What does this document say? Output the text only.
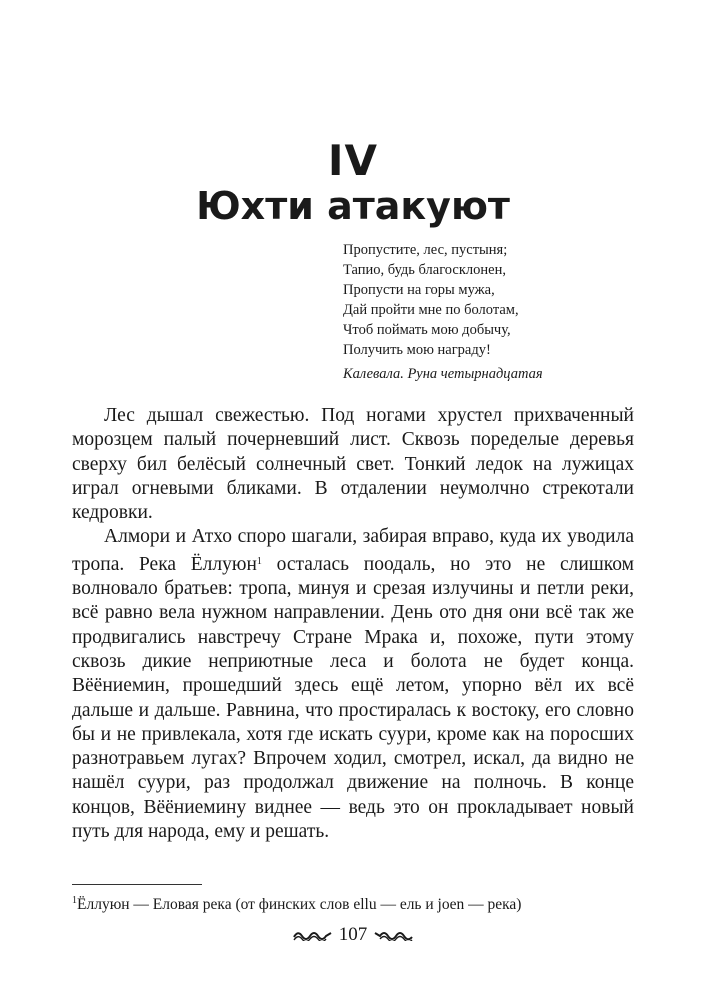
IV
Юхти атакуют
Пропустите, лес, пустыня;
Тапио, будь благосклонен,
Пропусти на горы мужа,
Дай пройти мне по болотам,
Чтоб поймать мою добычу,
Получить мою награду!
Калевала. Руна четырнадцатая

Лес дышал свежестью. Под ногами хрустел прихваченный морозцем палый почерневший лист. Сквозь поределые деревья сверху бил белёсый солнечный свет. Тонкий ледок на лужицах играл огневыми бликами. В отдалении неумолчно стрекотали кедровки.

Алмори и Атхо споро шагали, забирая вправо, куда их уводила тропа. Река Ёллуюн$^1$ осталась поодаль, но это не слишком волновало братьев: тропа, минуя и срезая излучины и петли реки, всё равно вела нужном направлении. День ото дня они всё так же продвигались навстречу Стране Мрака и, похоже, пути этому сквозь дикие неприютные леса и болота не будет конца. Вёёниемин, прошедший здесь ещё летом, упорно вёл их всё дальше и дальше. Равнина, что простиралась к востоку, его словно бы и не привлекала, хотя где искать суури, кроме как на поросших разнотравьем лугах? Впрочем ходил, смотрел, искал, да видно не нашёл суури, раз продолжал движение на полночь. В конце концов, Вёёниемину виднее — ведь это он прокладывает новый путь для народа, ему и решать.

$^1$Ёллуюн — Еловая река (от финских слов ellu — ель и joen — река)
107
